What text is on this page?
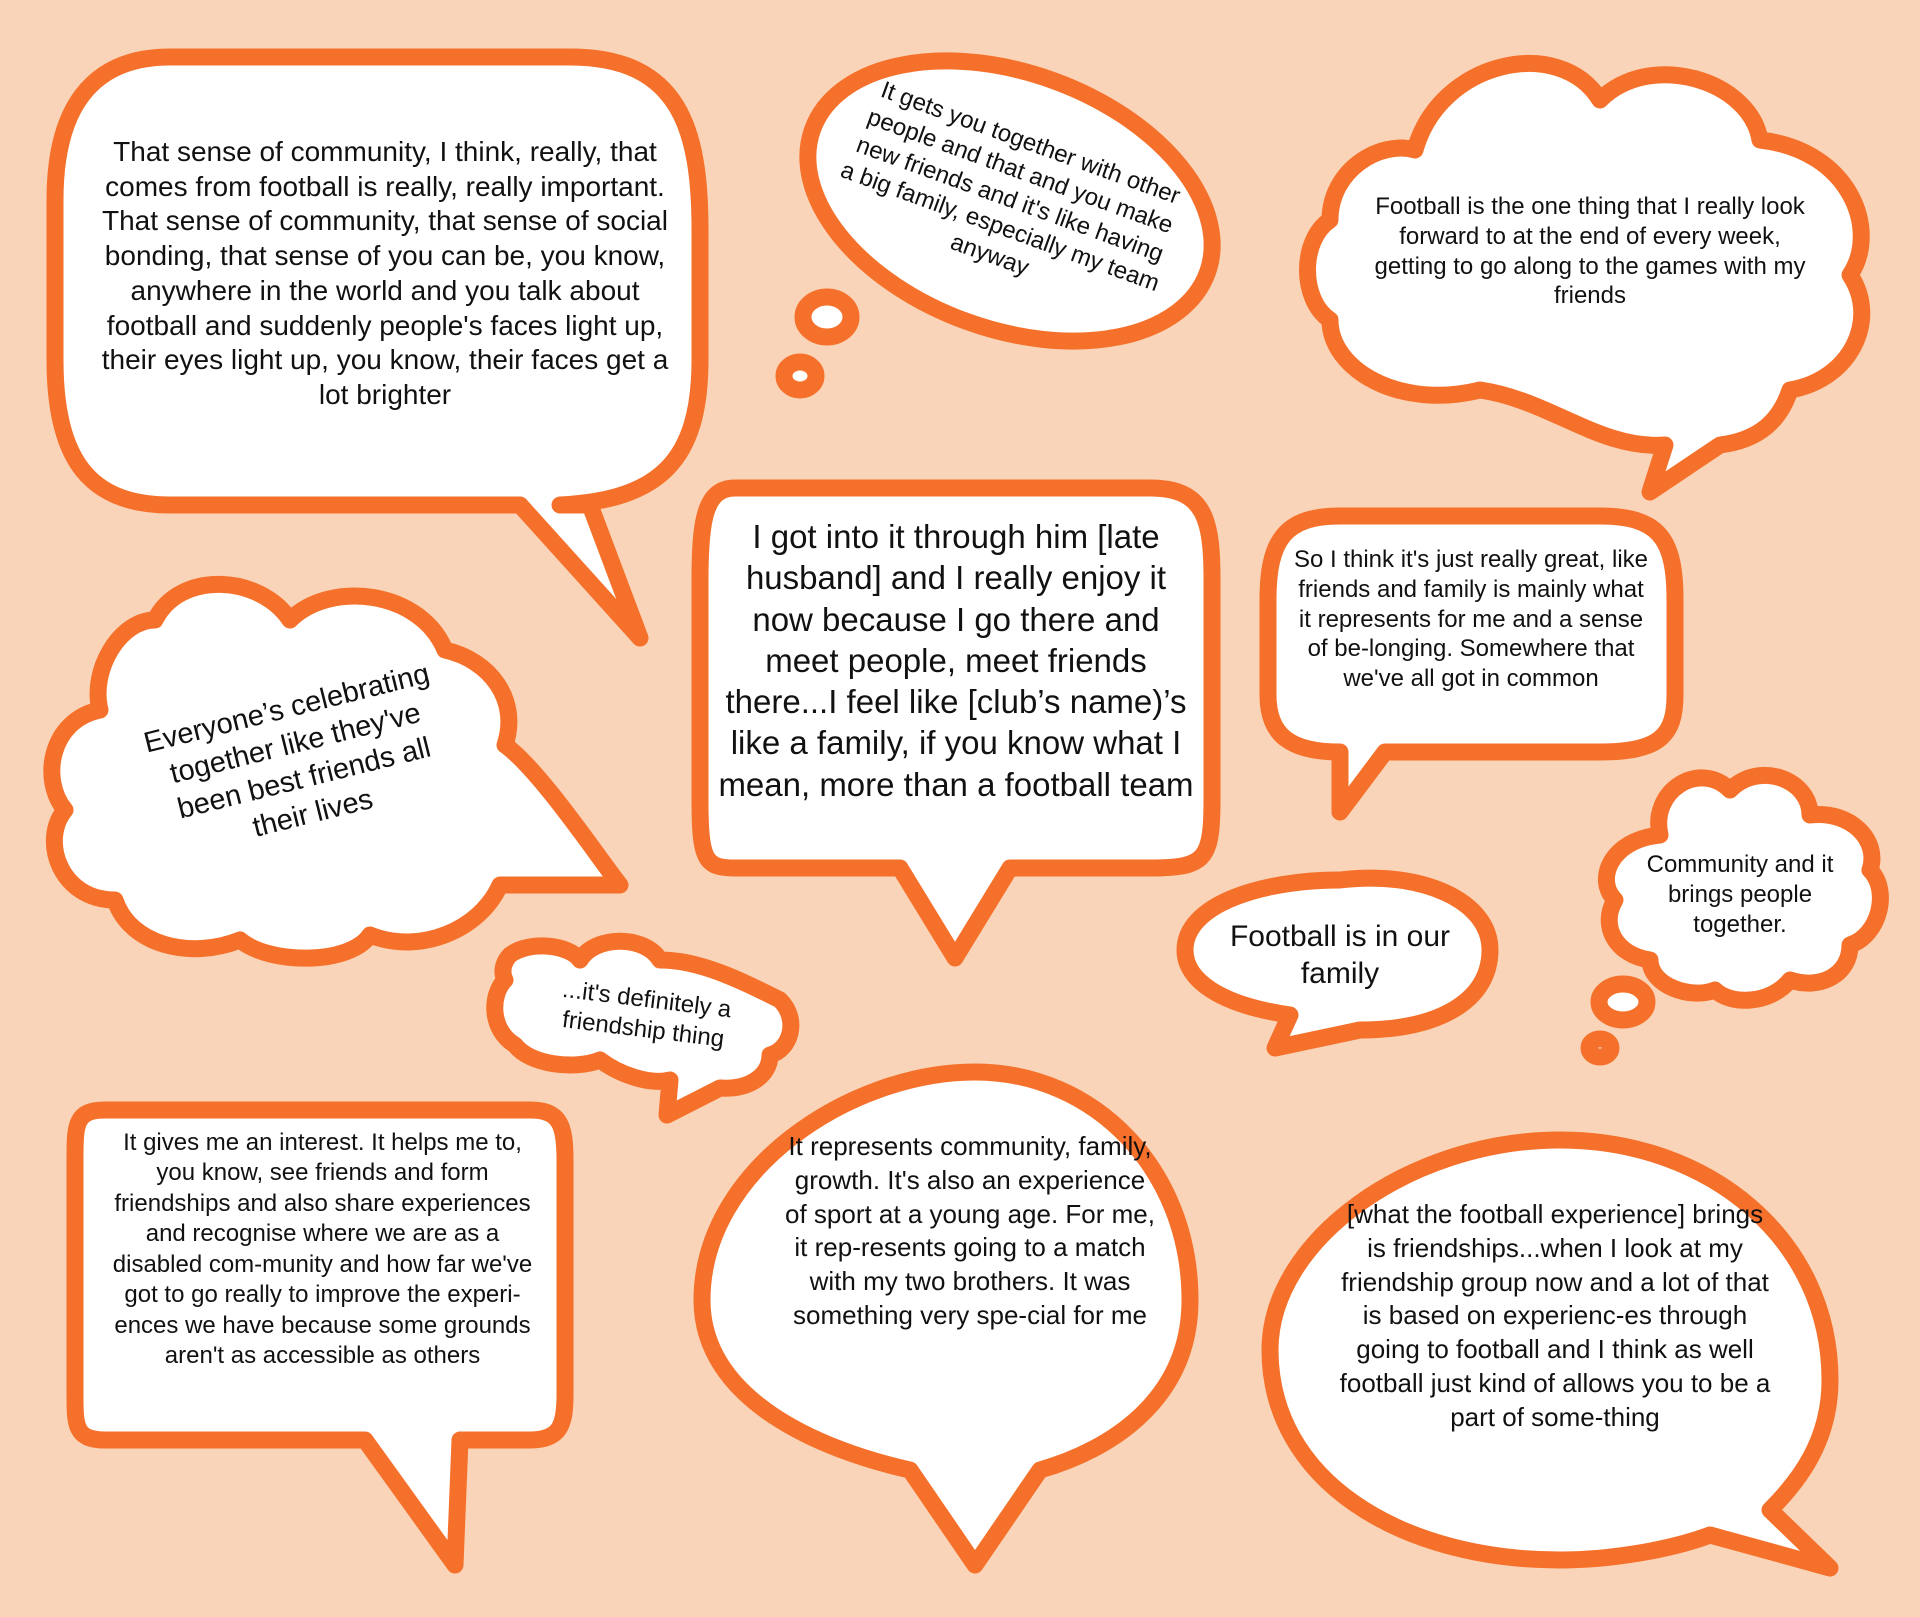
That sense of community, I think, really, that comes from football is really, really important. That sense of community, that sense of social bonding, that sense of you can be, you know, anywhere in the world and you talk about football and suddenly people's faces light up, their eyes light up, you know, their faces get a lot brighter

It gets you together with other people and that and you make new friends and it's like having a big family, especially my team anyway

Football is the one thing that I really look forward to at the end of every week, getting to go along to the games with my friends

I got into it through him [late husband] and I really enjoy it now because I go there and meet people, meet friends there...I feel like [club’s name)’s like a family, if you know what I mean, more than a football team

So I think it's just really great, like friends and family is mainly what it represents for me and a sense of be-longing. Somewhere that we've all got in common

Everyone’s celebrating together like they've been best friends all their lives

Football is in our family

Community and it brings people together.

...it's definitely a friendship thing

It gives me an interest. It helps me to, you know, see friends and form friendships and also share experiences and recognise where we are as a disabled com-munity and how far we've got to go really to improve the experi-ences we have because some grounds aren't as accessible as others

It represents community, family, growth. It's also an experience of sport at a young age. For me, it rep-resents going to a match with my two brothers. It was something very spe-cial for me

[what the football experience] brings is friendships...when I look at my friendship group now and a lot of that is based on experienc-es through going to football and I think as well football just kind of allows you to be a part of some-thing
